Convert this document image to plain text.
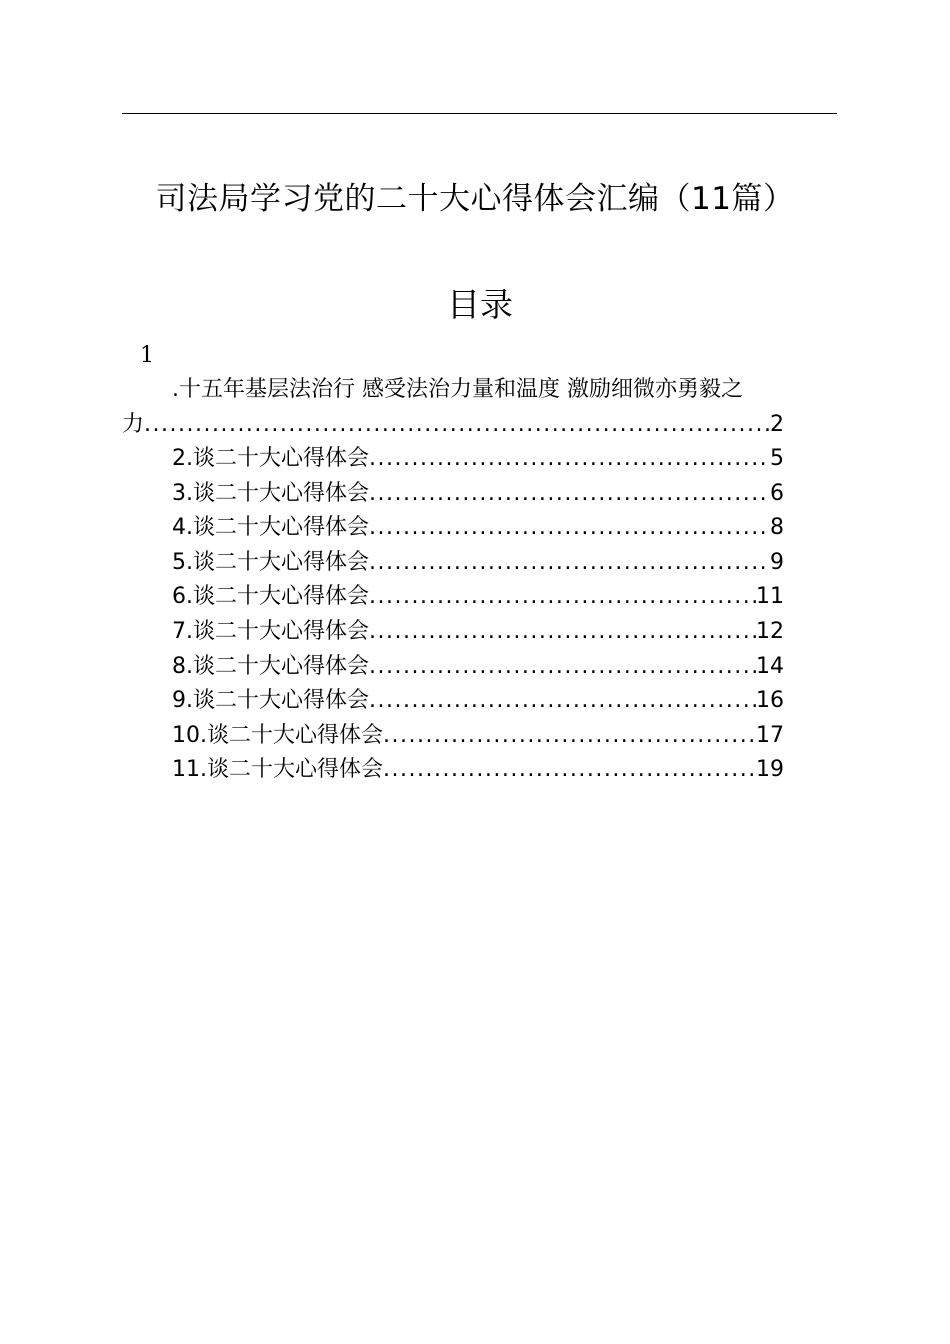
司法局学习党的二十大心得体会汇编（11篇）
目录
1
.十五年基层法治行 感受法治力量和温度 激励细微亦勇毅之
力 .....	2
2.谈二十大心得体会 .....	5
3.谈二十大心得体会 .....	6
4.谈二十大心得体会 .....	8
5.谈二十大心得体会 .....	9
6.谈二十大心得体会 .....	11
7.谈二十大心得体会 .....	12
8.谈二十大心得体会 .....	14
9.谈二十大心得体会 .....	16
10.谈二十大心得体会 .....	17
11.谈二十大心得体会 .....	19
